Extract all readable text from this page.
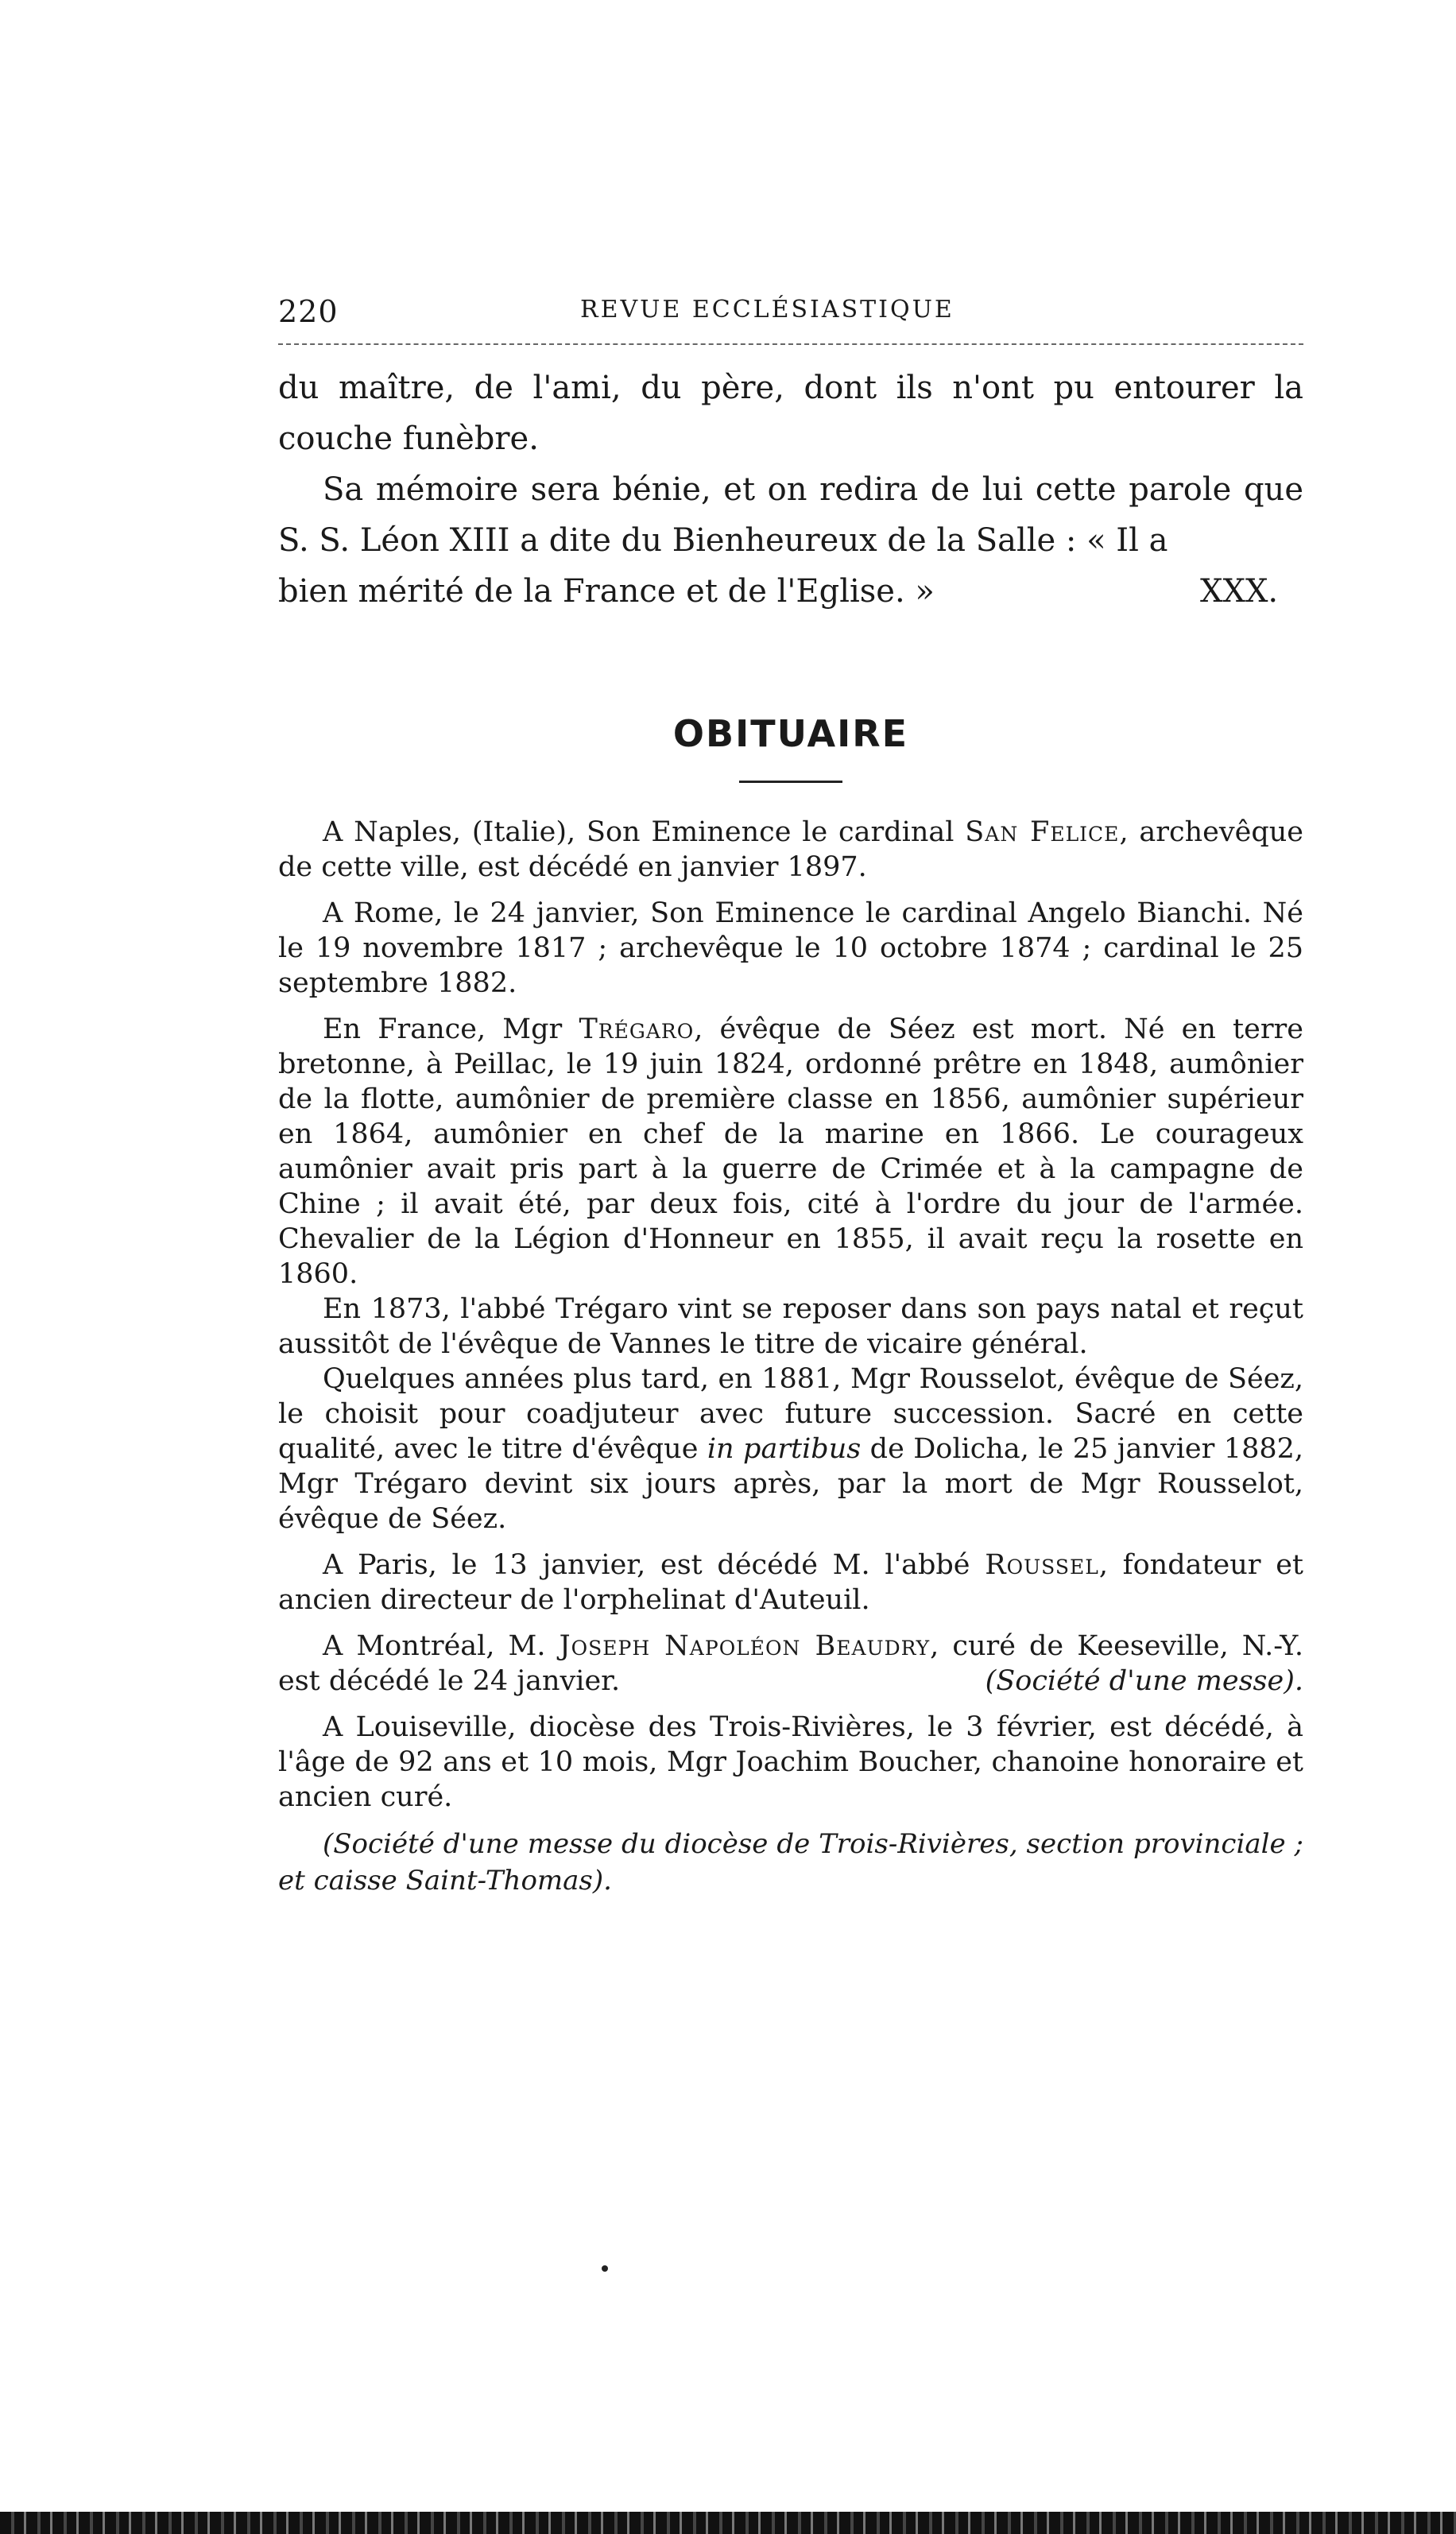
220	REVUE ECCLÉSIASTIQUE

du maître, de l'ami, du père, dont ils n'ont pu entourer la couche funèbre.

Sa mémoire sera bénie, et on redira de lui cette parole que S. S. Léon XIII a dite du Bienheureux de la Salle : « Il a

bien mérité de la France et de l'Eglise. »	XXX.
OBITUAIRE

A Naples, (Italie), Son Eminence le cardinal San Felice, archevêque de cette ville, est décédé en janvier 1897.

A Rome, le 24 janvier, Son Eminence le cardinal Angelo Bianchi. Né le 19 novembre 1817 ; archevêque le 10 octobre 1874 ; cardinal le 25 septembre 1882.

En France, Mgr Trégaro, évêque de Séez est mort. Né en terre bretonne, à Peillac, le 19 juin 1824, ordonné prêtre en 1848, aumônier de la flotte, aumônier de première classe en 1856, aumônier supérieur en 1864, aumônier en chef de la marine en 1866. Le courageux aumônier avait pris part à la guerre de Crimée et à la campagne de Chine ; il avait été, par deux fois, cité à l'ordre du jour de l'armée. Chevalier de la Légion d'Honneur en 1855, il avait reçu la rosette en 1860.

En 1873, l'abbé Trégaro vint se reposer dans son pays natal et reçut aussitôt de l'évêque de Vannes le titre de vicaire général.

Quelques années plus tard, en 1881, Mgr Rousselot, évêque de Séez, le choisit pour coadjuteur avec future succession. Sacré en cette qualité, avec le titre d'évêque in partibus de Dolicha, le 25 janvier 1882, Mgr Trégaro devint six jours après, par la mort de Mgr Rousselot, évêque de Séez.

A Paris, le 13 janvier, est décédé M. l'abbé Roussel, fondateur et ancien directeur de l'orphelinat d'Auteuil.

A Montréal, M. Joseph Napoléon Beaudry, curé de Keeseville, N.-Y. est décédé le 24 janvier.	(Société d'une messe).

A Louiseville, diocèse des Trois-Rivières, le 3 février, est décédé, à l'âge de 92 ans et 10 mois, Mgr Joachim Boucher, chanoine honoraire et ancien curé.

(Société d'une messe du diocèse de Trois-Rivières, section provinciale ; et caisse Saint-Thomas).
